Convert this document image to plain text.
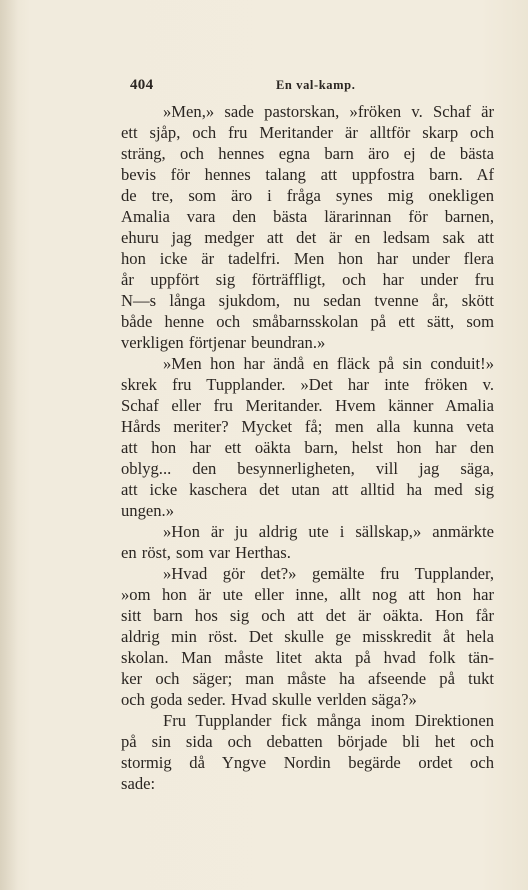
404	En val-kamp.
»Men,» sade pastorskan, »fröken v. Schaf är
ett sjåp, och fru Meritander är alltför skarp och
sträng, och hennes egna barn äro ej de bästa
bevis för hennes talang att uppfostra barn. Af
de tre, som äro i fråga synes mig onekligen
Amalia vara den bästa lärarinnan för barnen,
ehuru jag medger att det är en ledsam sak att
hon icke är tadelfri. Men hon har under flera
år uppfört sig förträffligt, och har under fru
N—s långa sjukdom, nu sedan tvenne år, skött
både henne och småbarnsskolan på ett sätt, som
verkligen förtjenar beundran.»
»Men hon har ändå en fläck på sin conduit!»
skrek fru Tupplander. »Det har inte fröken v.
Schaf eller fru Meritander. Hvem känner Amalia
Hårds meriter? Mycket få; men alla kunna veta
att hon har ett oäkta barn, helst hon har den
oblyg... den besynnerligheten, vill jag säga,
att icke kaschera det utan att alltid ha med sig
ungen.»
»Hon är ju aldrig ute i sällskap,» anmärkte
en röst, som var Herthas.
»Hvad gör det?» gemälte fru Tupplander,
»om hon är ute eller inne, allt nog att hon har
sitt barn hos sig och att det är oäkta. Hon får
aldrig min röst. Det skulle ge misskredit åt hela
skolan. Man måste litet akta på hvad folk tän-
ker och säger; man måste ha afseende på tukt
och goda seder. Hvad skulle verlden säga?»
Fru Tupplander fick många inom Direktionen
på sin sida och debatten började bli het och
stormig då Yngve Nordin begärde ordet och
sade:
